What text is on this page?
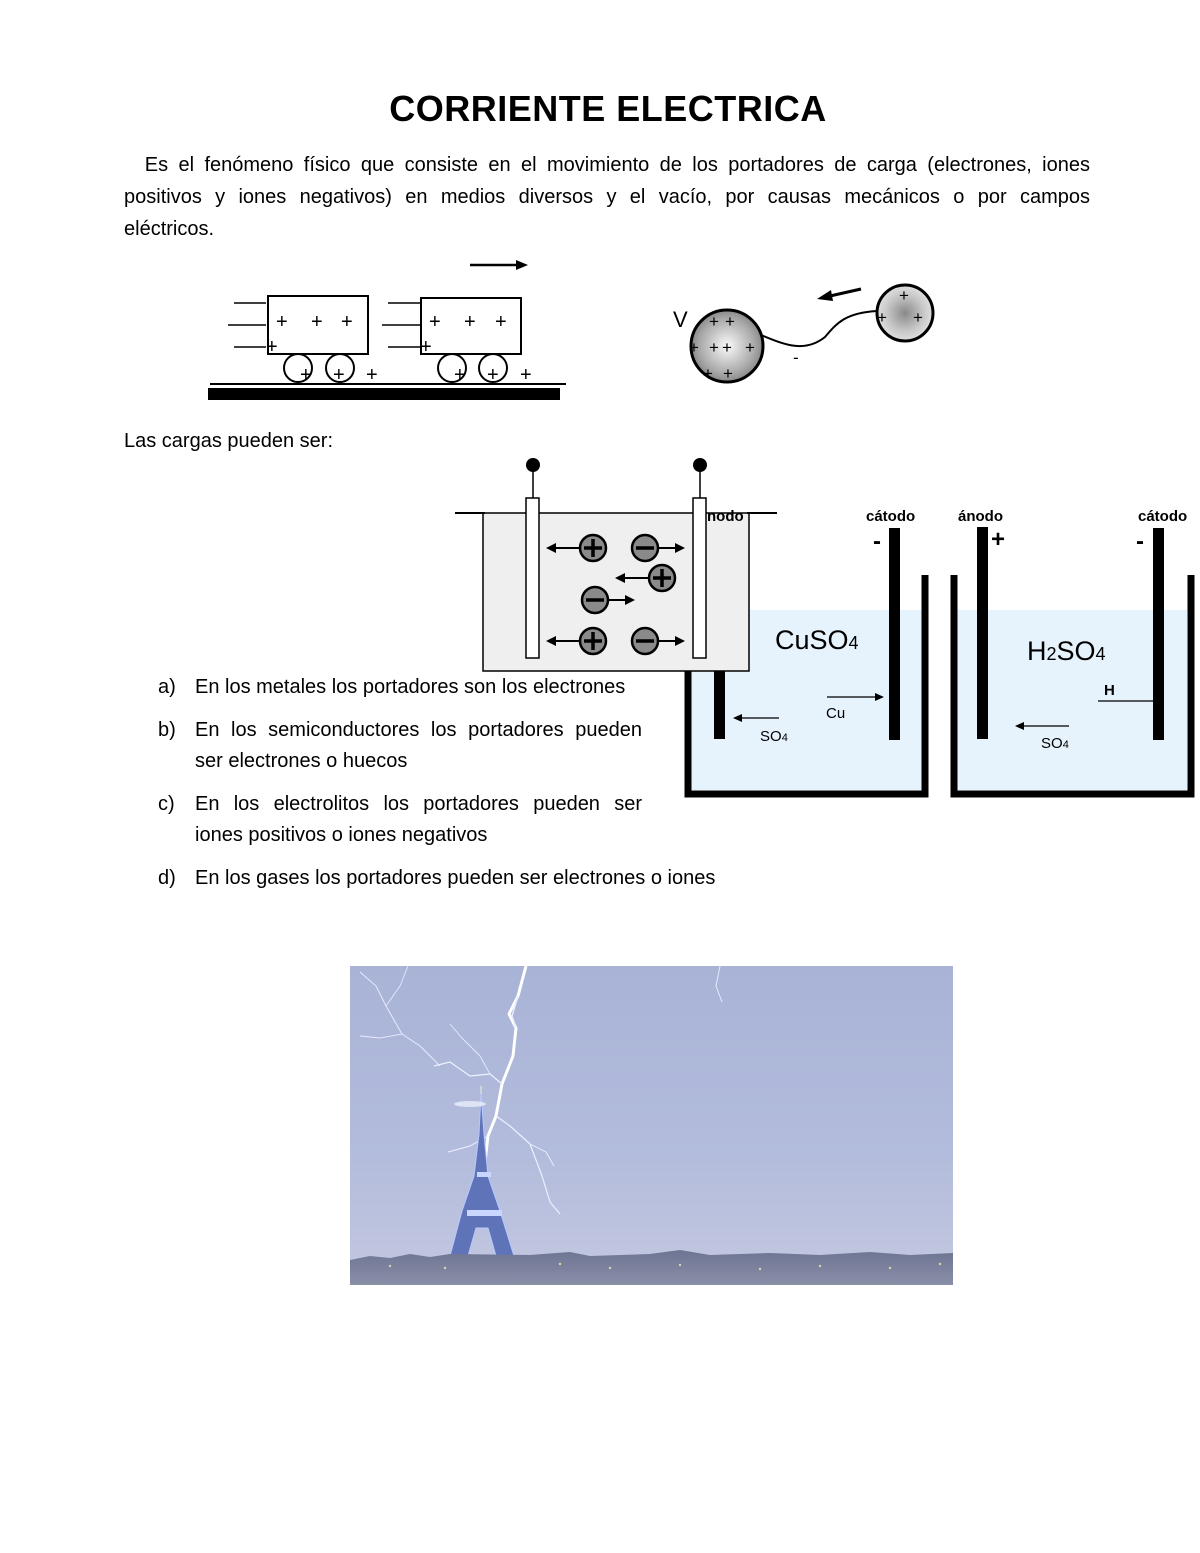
CORRIENTE ELECTRICA
Es el fenómeno físico que consiste en el movimiento de los portadores de carga (electrones, iones positivos y iones negativos) en medios diversos y el vacío, por causas mecánicos o por campos eléctricos.
+ + +
+
+ + +
+ + +
+
+ + +
V + +
+ + + +
+ +
+
+ +
-
Las cargas pueden ser:
cátodo
-
CuSO4
Cu
SO4
ánodo
+
cátodo
-
H2SO4
H
SO4
nodo
a) En los metales los portadores son los electrones
b) En los semiconductores los portadores pueden ser electrones o huecos
c) En los electrolitos los portadores pueden ser iones positivos o iones negativos
d) En los gases los portadores pueden ser electrones o iones
